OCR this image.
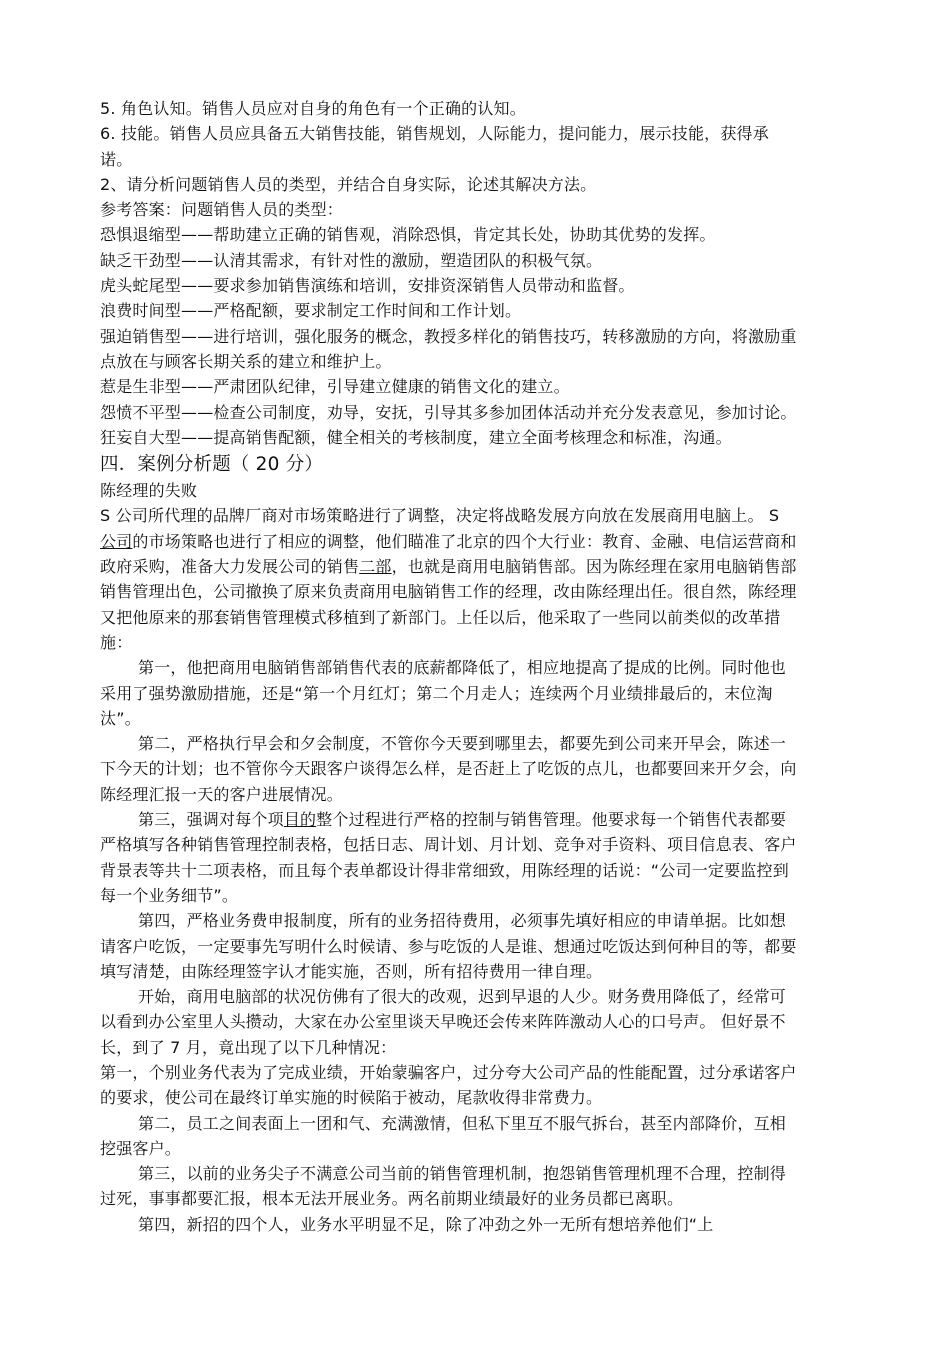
5. 角色认知。销售人员应对自身的角色有一个正确的认知。

6. 技能。销售人员应具备五大销售技能，销售规划，人际能力，提问能力，展示技能，获得承诺。

2、请分析问题销售人员的类型，并结合自身实际，论述其解决方法。

参考答案：问题销售人员的类型：

恐惧退缩型——帮助建立正确的销售观，消除恐惧，肯定其长处，协助其优势的发挥。

缺乏干劲型——认清其需求，有针对性的激励，塑造团队的积极气氛。

虎头蛇尾型——要求参加销售演练和培训，安排资深销售人员带动和监督。

浪费时间型——严格配额，要求制定工作时间和工作计划。

强迫销售型——进行培训，强化服务的概念，教授多样化的销售技巧，转移激励的方向，将激励重点放在与顾客长期关系的建立和维护上。

惹是生非型——严肃团队纪律，引导建立健康的销售文化的建立。

怨愤不平型——检查公司制度，劝导，安抚，引导其多参加团体活动并充分发表意见，参加讨论。

狂妄自大型——提高销售配额，健全相关的考核制度，建立全面考核理念和标准，沟通。

四．案例分析题（ 20 分）

陈经理的失败

S 公司所代理的品牌厂商对市场策略进行了调整，决定将战略发展方向放在发展商用电脑上。 S 公司的市场策略也进行了相应的调整，他们瞄准了北京的四个大行业：教育、金融、电信运营商和政府采购，准备大力发展公司的销售二部，也就是商用电脑销售部。因为陈经理在家用电脑销售部销售管理出色，公司撤换了原来负责商用电脑销售工作的经理，改由陈经理出任。很自然，陈经理又把他原来的那套销售管理模式移植到了新部门。上任以后，他采取了一些同以前类似的改革措施：

第一，他把商用电脑销售部销售代表的底薪都降低了，相应地提高了提成的比例。同时他也采用了强势激励措施，还是“第一个月红灯；第二个月走人；连续两个月业绩排最后的，末位淘汰”。

第二，严格执行早会和夕会制度，不管你今天要到哪里去，都要先到公司来开早会，陈述一下今天的计划；也不管你今天跟客户谈得怎么样，是否赶上了吃饭的点儿，也都要回来开夕会，向陈经理汇报一天的客户进展情况。

第三，强调对每个项目的整个过程进行严格的控制与销售管理。他要求每一个销售代表都要严格填写各种销售管理控制表格，包括日志、周计划、月计划、竞争对手资料、项目信息表、客户背景表等共十二项表格，而且每个表单都设计得非常细致，用陈经理的话说：“公司一定要监控到每一个业务细节”。

第四，严格业务费申报制度，所有的业务招待费用，必须事先填好相应的申请单据。比如想请客户吃饭，一定要事先写明什么时候请、参与吃饭的人是谁、想通过吃饭达到何种目的等，都要填写清楚，由陈经理签字认才能实施，否则，所有招待费用一律自理。

开始，商用电脑部的状况仿佛有了很大的改观，迟到早退的人少。财务费用降低了，经常可以看到办公室里人头攒动，大家在办公室里谈天早晚还会传来阵阵激动人心的口号声。 但好景不长，到了 7 月，竟出现了以下几种情况：

第一，个别业务代表为了完成业绩，开始蒙骗客户，过分夸大公司产品的性能配置，过分承诺客户的要求，使公司在最终订单实施的时候陷于被动，尾款收得非常费力。

第二，员工之间表面上一团和气、充满激情，但私下里互不服气拆台，甚至内部降价，互相挖强客户。

第三，以前的业务尖子不满意公司当前的销售管理机制，抱怨销售管理机理不合理，控制得过死，事事都要汇报，根本无法开展业务。两名前期业绩最好的业务员都已离职。

第四，新招的四个人，业务水平明显不足，除了冲劲之外一无所有想培养他们“上
